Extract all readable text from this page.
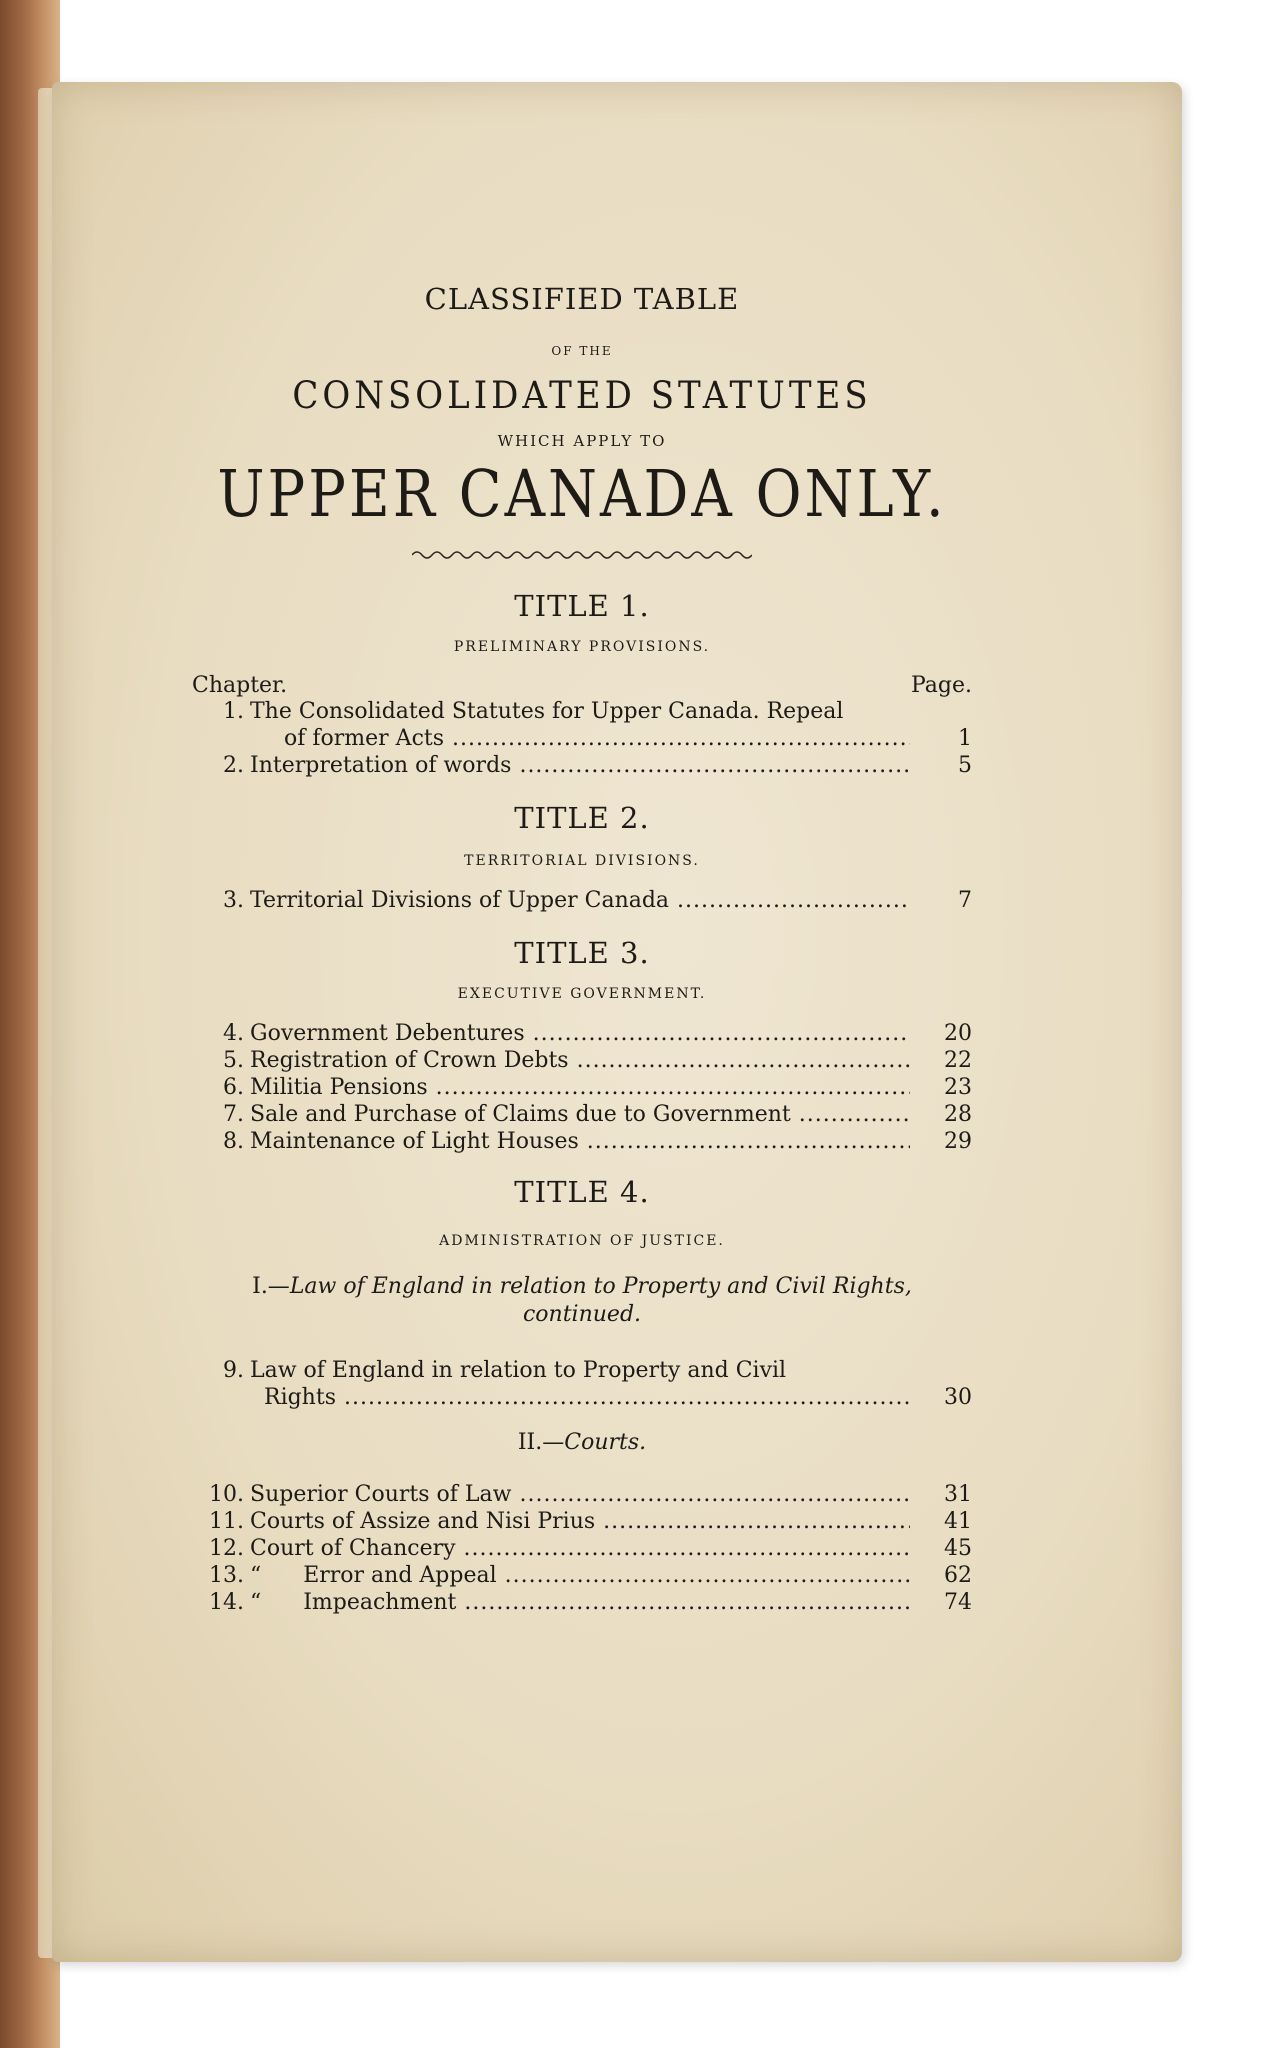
CLASSIFIED TABLE
OF THE
CONSOLIDATED STATUTES
WHICH APPLY TO
UPPER CANADA ONLY.
TITLE 1.
PRELIMINARY PROVISIONS.
Chapter.	Page.
1. The Consolidated Statutes for Upper Canada. Repeal
of former Acts .....	1
2. Interpretation of words .....	5
TITLE 2.
TERRITORIAL DIVISIONS.
3. Territorial Divisions of Upper Canada .....	7
TITLE 3.
EXECUTIVE GOVERNMENT.
4. Government Debentures .....	20
5. Registration of Crown Debts .....	22
6. Militia Pensions .....	23
7. Sale and Purchase of Claims due to Government .....	28
8. Maintenance of Light Houses .....	29
TITLE 4.
ADMINISTRATION OF JUSTICE.
I.—Law of England in relation to Property and Civil Rights,
continued.
9. Law of England in relation to Property and Civil
Rights .....	30
II.—Courts.
10. Superior Courts of Law .....	31
11. Courts of Assize and Nisi Prius .....	41
12. Court of Chancery .....	45
13. “      Error and Appeal .....	62
14. “      Impeachment .....	74
